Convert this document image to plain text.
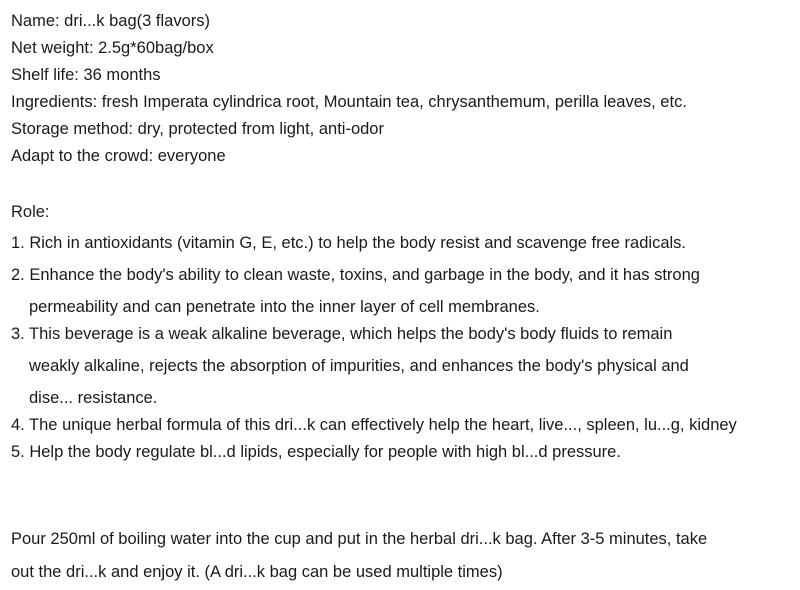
Name: dri...k bag(3 flavors)
Net weight: 2.5g*60bag/box
Shelf life: 36 months
Ingredients: fresh Imperata cylindrica root, Mountain tea, chrysanthemum, perilla leaves, etc.
Storage method: dry, protected from light, anti-odor
Adapt to the crowd: everyone
Role:
1. Rich in antioxidants (vitamin G, E, etc.) to help the body resist and scavenge free radicals.
2. Enhance the body's ability to clean waste, toxins, and garbage in the body, and it has strong
permeability and can penetrate into the inner layer of cell membranes.
3. This beverage is a weak alkaline beverage, which helps the body's body fluids to remain
weakly alkaline, rejects the absorption of impurities, and enhances the body's physical and
dise... resistance.
4. The unique herbal formula of this dri...k can effectively help the heart, live..., spleen, lu...g, kidney
5. Help the body regulate bl...d lipids, especially for people with high bl...d pressure.
Pour 250ml of boiling water into the cup and put in the herbal dri...k bag. After 3-5 minutes, take
out the dri...k and enjoy it. (A dri...k bag can be used multiple times)
